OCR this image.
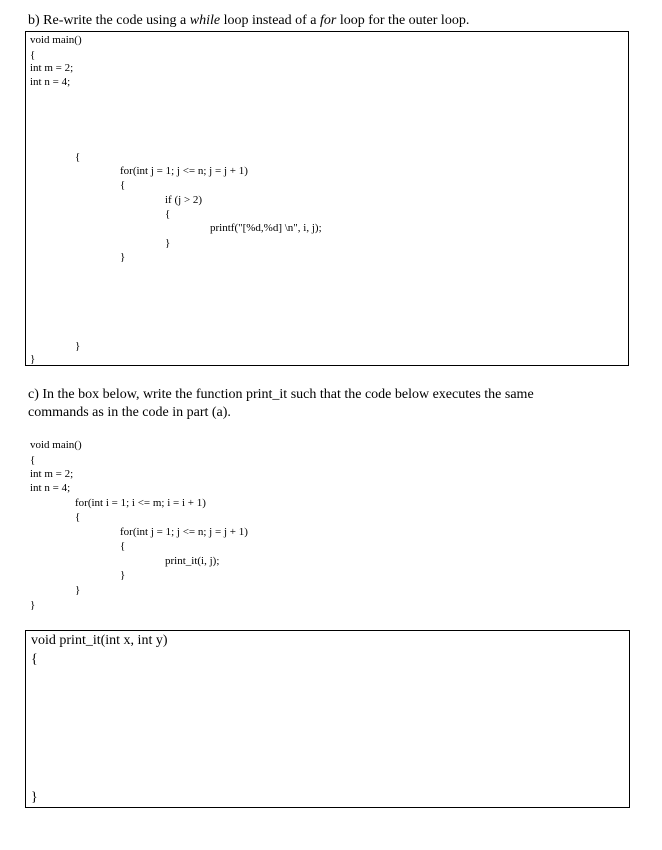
b) Re-write the code using a while loop instead of a for loop for the outer loop.
void main()
{
int m = 2;
int n = 4;
{
for(int j = 1; j <= n; j = j + 1)
{
if (j > 2)
{
printf("[%d,%d] \n", i, j);
}
}
}
}
c) In the box below, write the function print_it such that the code below executes the same
commands as in the code in part (a).
void main()
{
int m = 2;
int n = 4;
for(int i = 1; i <= m; i = i + 1)
{
for(int j = 1; j <= n; j = j + 1)
{
print_it(i, j);
}
}
}
void print_it(int x, int y)
{
}
